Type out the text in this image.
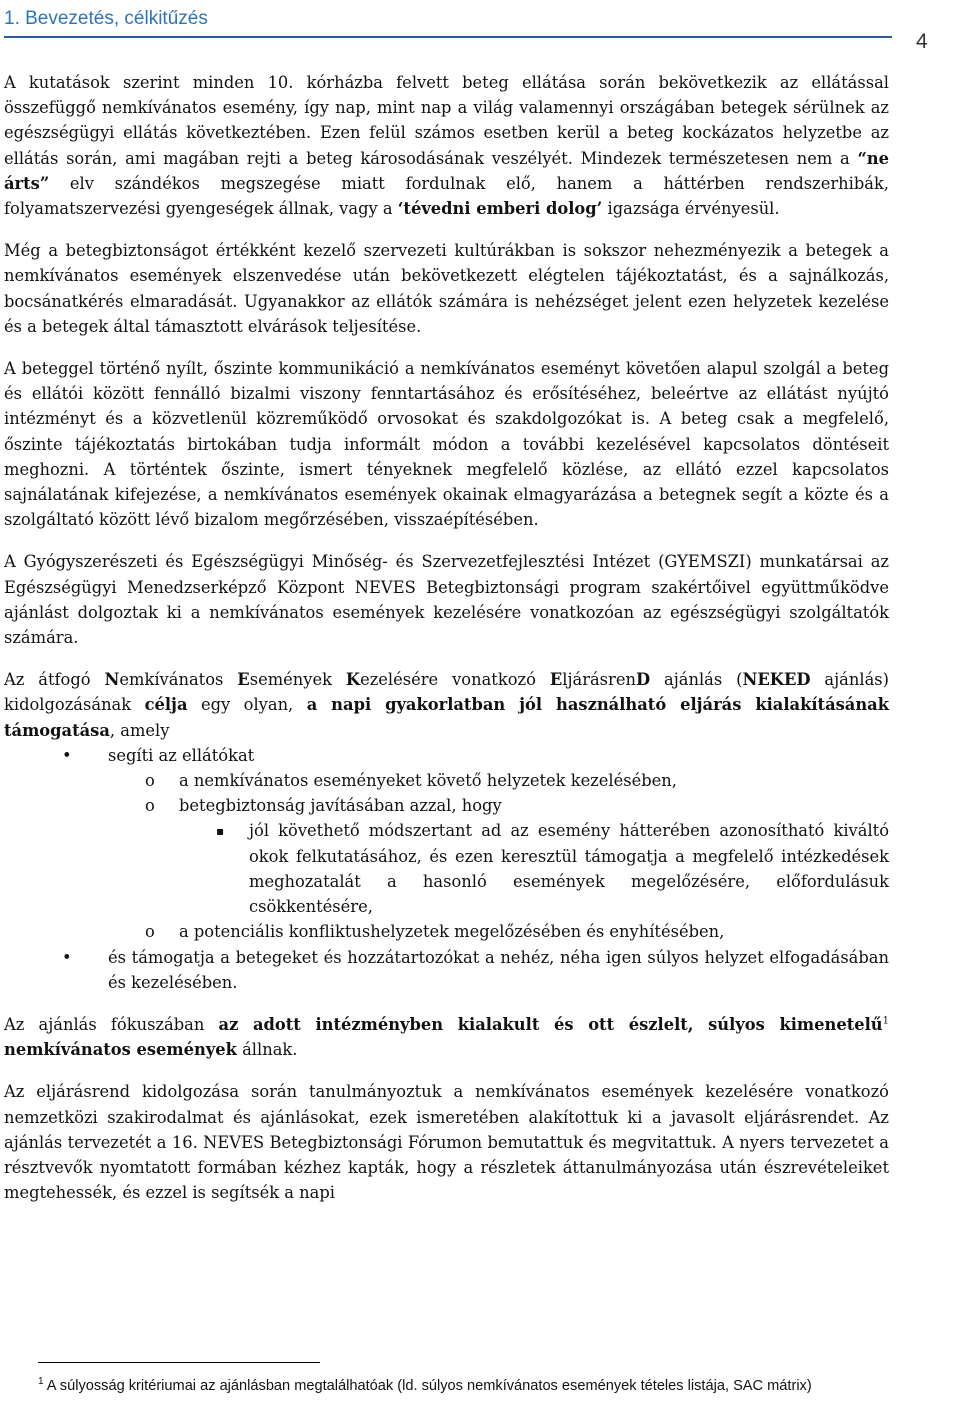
1. Bevezetés, célkitűzés
4

A kutatások szerint minden 10. kórházba felvett beteg ellátása során bekövetkezik az ellátással összefüggő nemkívánatos esemény, így nap, mint nap a világ valamennyi országában betegek sérülnek az egészségügyi ellátás következtében. Ezen felül számos esetben kerül a beteg kockázatos helyzetbe az ellátás során, ami magában rejti a beteg károsodásának veszélyét. Mindezek természetesen nem a “ne árts” elv szándékos megszegése miatt fordulnak elő, hanem a háttérben rendszerhibák, folyamatszervezési gyengeségek állnak, vagy a ‘tévedni emberi dolog’ igazsága érvényesül.

Még a betegbiztonságot értékként kezelő szervezeti kultúrákban is sokszor nehezményezik a betegek a nemkívánatos események elszenvedése után bekövetkezett elégtelen tájékoztatást, és a sajnálkozás, bocsánatkérés elmaradását. Ugyanakkor az ellátók számára is nehézséget jelent ezen helyzetek kezelése és a betegek által támasztott elvárások teljesítése.

A beteggel történő nyílt, őszinte kommunikáció a nemkívánatos eseményt követően alapul szolgál a beteg és ellátói között fennálló bizalmi viszony fenntartásához és erősítéséhez, beleértve az ellátást nyújtó intézményt és a közvetlenül közreműködő orvosokat és szakdolgozókat is. A beteg csak a megfelelő, őszinte tájékoztatás birtokában tudja informált módon a további kezelésével kapcsolatos döntéseit meghozni. A történtek őszinte, ismert tényeknek megfelelő közlése, az ellátó ezzel kapcsolatos sajnálatának kifejezése, a nemkívánatos események okainak elmagyarázása a betegnek segít a közte és a szolgáltató között lévő bizalom megőrzésében, visszaépítésében.

A Gyógyszerészeti és Egészségügyi Minőség- és Szervezetfejlesztési Intézet (GYEMSZI) munkatársai az Egészségügyi Menedzserképző Központ NEVES Betegbiztonsági program szakértőivel együttműködve ajánlást dolgoztak ki a nemkívánatos események kezelésére vonatkozóan az egészségügyi szolgáltatók számára.

Az átfogó Nemkívánatos Események Kezelésére vonatkozó EljárásrenD ajánlás (NEKED ajánlás) kidolgozásának célja egy olyan, a napi gyakorlatban jól használható eljárás kialakításának támogatása, amely

• segíti az ellátókat
o a nemkívánatos eseményeket követő helyzetek kezelésében,
o betegbiztonság javításában azzal, hogy
▪ jól követhető módszertant ad az esemény hátterében azonosítható kiváltó okok felkutatásához, és ezen keresztül támogatja a megfelelő intézkedések meghozatalát a hasonló események megelőzésére, előfordulásuk csökkentésére,
o a potenciális konfliktushelyzetek megelőzésében és enyhítésében,
• és támogatja a betegeket és hozzátartozókat a nehéz, néha igen súlyos helyzet elfogadásában és kezelésében.

Az ajánlás fókuszában az adott intézményben kialakult és ott észlelt, súlyos kimenetelű$^1$ nemkívánatos események állnak.

Az eljárásrend kidolgozása során tanulmányoztuk a nemkívánatos események kezelésére vonatkozó nemzetközi szakirodalmat és ajánlásokat, ezek ismeretében alakítottuk ki a javasolt eljárásrendet. Az ajánlás tervezetét a 16. NEVES Betegbiztonsági Fórumon bemutattuk és megvitattuk. A nyers tervezetet a résztvevők nyomtatott formában kézhez kapták, hogy a részletek áttanulmányozása után észrevételeiket megtehessék, és ezzel is segítsék a napi

$^1$ A súlyosság kritériumai az ajánlásban megtalálhatóak (ld. súlyos nemkívánatos események tételes listája, SAC mátrix)
